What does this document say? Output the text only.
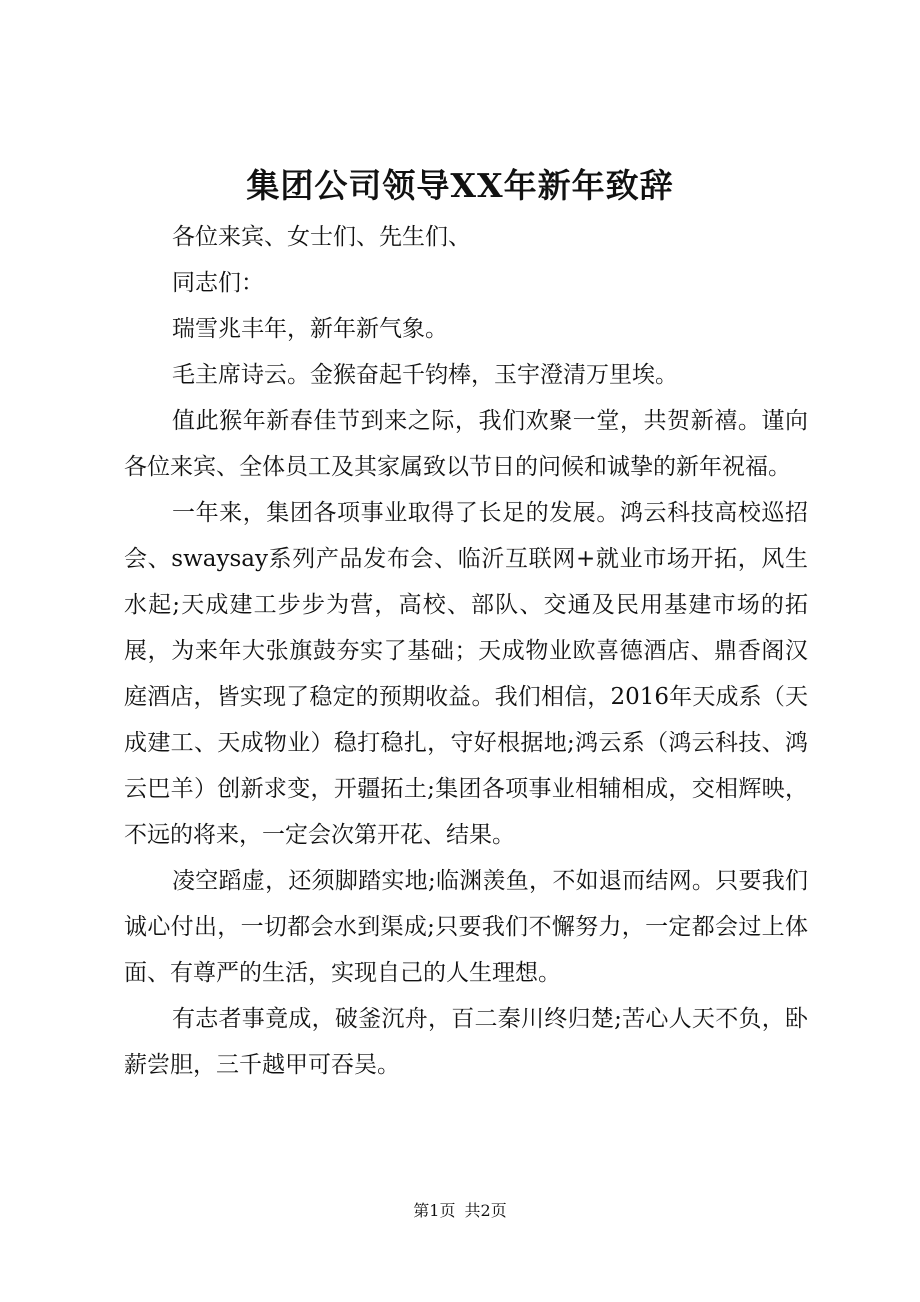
集团公司领导XX年新年致辞

各位来宾、女士们、先生们、

同志们：

瑞雪兆丰年，新年新气象。

毛主席诗云。金猴奋起千钧棒，玉宇澄清万里埃。

值此猴年新春佳节到来之际，我们欢聚一堂，共贺新禧。谨向各位来宾、全体员工及其家属致以节日的问候和诚挚的新年祝福。

一年来，集团各项事业取得了长足的发展。鸿云科技高校巡招会、swaysay系列产品发布会、临沂互联网+就业市场开拓，风生水起;天成建工步步为营，高校、部队、交通及民用基建市场的拓展，为来年大张旗鼓夯实了基础；天成物业欧喜德酒店、鼎香阁汉庭酒店，皆实现了稳定的预期收益。我们相信，2016年天成系（天成建工、天成物业）稳打稳扎，守好根据地;鸿云系（鸿云科技、鸿云巴羊）创新求变，开疆拓土;集团各项事业相辅相成，交相辉映，不远的将来，一定会次第开花、结果。

凌空蹈虚，还须脚踏实地;临渊羡鱼，不如退而结网。只要我们诚心付出，一切都会水到渠成;只要我们不懈努力，一定都会过上体面、有尊严的生活，实现自己的人生理想。

有志者事竟成，破釜沉舟，百二秦川终归楚;苦心人天不负，卧薪尝胆，三千越甲可吞吴。

第1页 共2页
